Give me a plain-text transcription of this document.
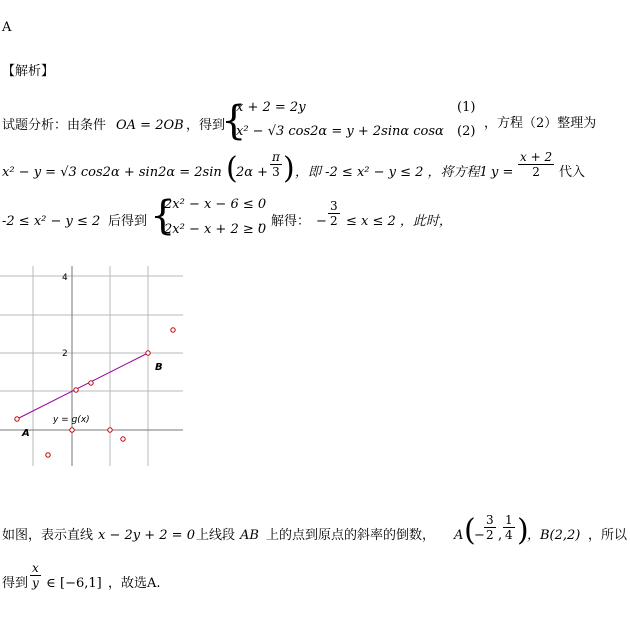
A
【解析】
试题分析：由条件 OA = 2OB ，得到
{
x + 2 = 2y
x² − √3 cos2α = y + 2sinα cosα
(1)
(2)
，方程（2）整理为
x² − y = √3 cos2α + sin2α = 2sin (
$2\alpha + \frac{\pi}{3}$ ) ，即 -2 ≤ x² − y ≤ 2 ，将方程1 $y = \frac{x + 2}{2}$ 代入
-2 ≤ x² − y ≤ 2 后得到 {
2x² − x − 6 ≤ 0
2x² − x + 2 ≥ 0
，解得： − $\frac{3}{2} \le x \le 2$ ，此时，
4
2
B
A
y = g(x)
如图，表示直线 x − 2y + 2 = 0 上线段 AB 上的点到原点的斜率的倒数， A (
− $\frac{3}{2}$ , $\frac{1}{4}$ )
，B(2,2) ，所以
得到 $\frac{x}{y}$ ∈ [−6,1] ，故选A.
